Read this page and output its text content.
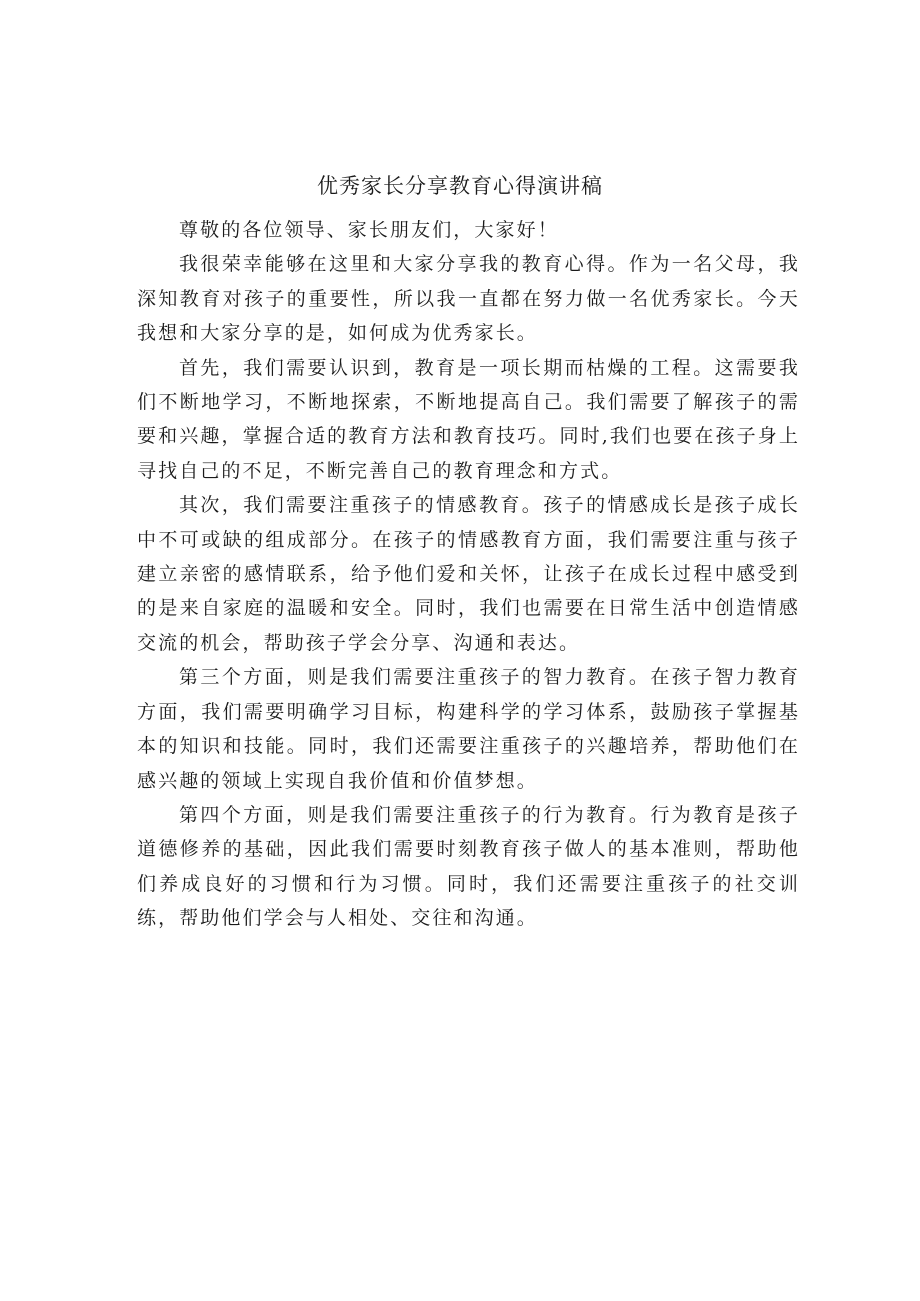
优秀家长分享教育心得演讲稿

尊敬的各位领导、家长朋友们，大家好！

我很荣幸能够在这里和大家分享我的教育心得。作为一名父母，我深知教育对孩子的重要性，所以我一直都在努力做一名优秀家长。今天我想和大家分享的是，如何成为优秀家长。

首先，我们需要认识到，教育是一项长期而枯燥的工程。这需要我们不断地学习，不断地探索，不断地提高自己。我们需要了解孩子的需要和兴趣，掌握合适的教育方法和教育技巧。同时,我们也要在孩子身上寻找自己的不足，不断完善自己的教育理念和方式。

其次，我们需要注重孩子的情感教育。孩子的情感成长是孩子成长中不可或缺的组成部分。在孩子的情感教育方面，我们需要注重与孩子建立亲密的感情联系，给予他们爱和关怀，让孩子在成长过程中感受到的是来自家庭的温暖和安全。同时，我们也需要在日常生活中创造情感交流的机会，帮助孩子学会分享、沟通和表达。

第三个方面，则是我们需要注重孩子的智力教育。在孩子智力教育方面，我们需要明确学习目标，构建科学的学习体系，鼓励孩子掌握基本的知识和技能。同时，我们还需要注重孩子的兴趣培养，帮助他们在感兴趣的领域上实现自我价值和价值梦想。

第四个方面，则是我们需要注重孩子的行为教育。行为教育是孩子道德修养的基础，因此我们需要时刻教育孩子做人的基本准则，帮助他们养成良好的习惯和行为习惯。同时，我们还需要注重孩子的社交训练，帮助他们学会与人相处、交往和沟通。
